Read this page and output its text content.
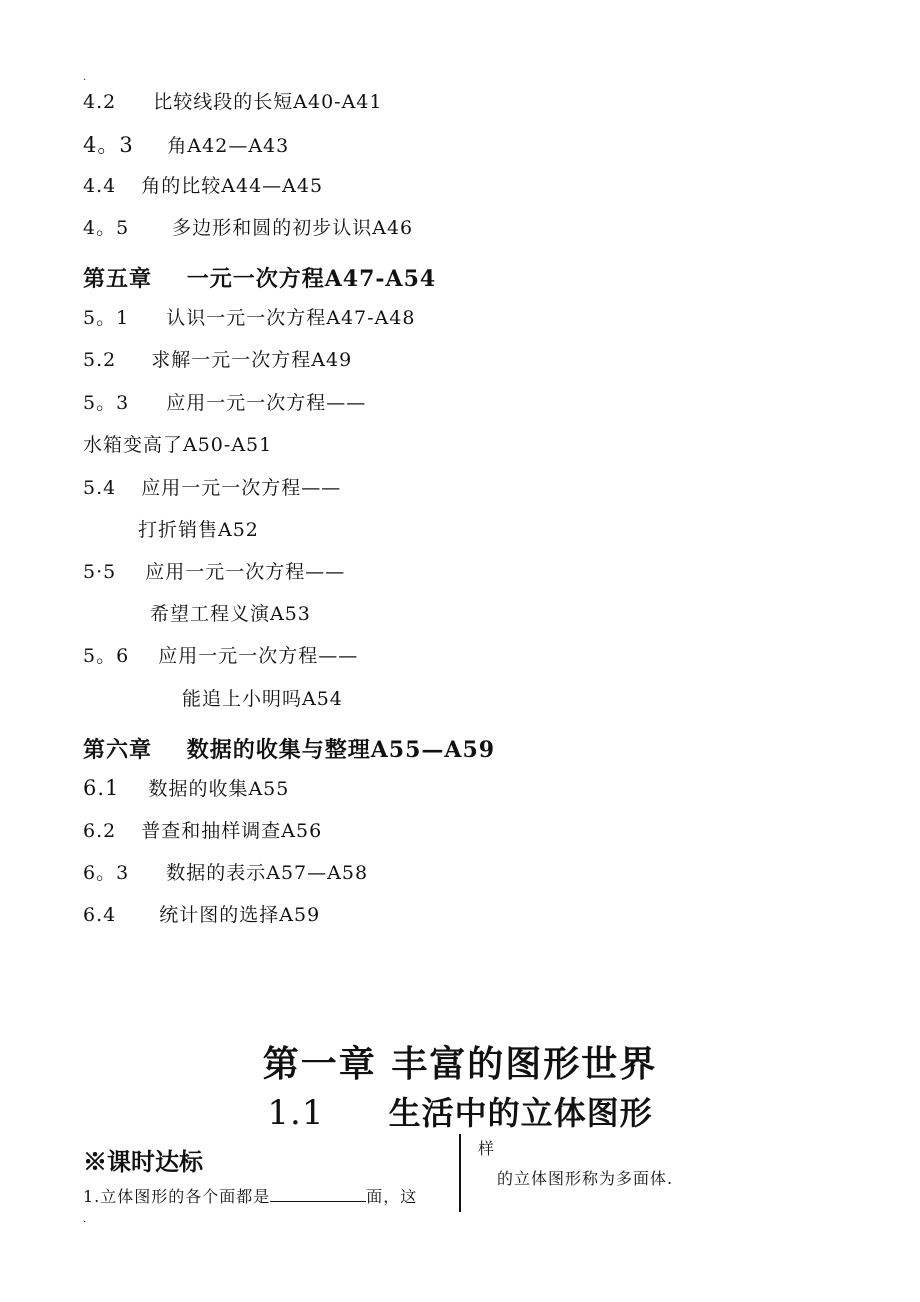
.
4.2 比较线段的长短A40-A41
4。3 角A42—A43
4.4 角的比较A44—A45
4。5 多边形和圆的初步认识A46
第五章 一元一次方程A47-A54
5。1 认识一元一次方程A47-A48
5.2 求解一元一次方程A49
5。3 应用一元一次方程——
水箱变高了A50-A51
5.4 应用一元一次方程——
打折销售A52
5·5 应用一元一次方程——
希望工程义演A53
5。6 应用一元一次方程——
能追上小明吗A54
第六章 数据的收集与整理A55—A59
6.1 数据的收集A55
6.2 普查和抽样调查A56
6。3 数据的表示A57—A58
6.4 统计图的选择A59
第一章 丰富的图形世界
1.1 生活中的立体图形
※课时达标
1.立体图形的各个面都是	面，这
样
的立体图形称为多面体.
.
